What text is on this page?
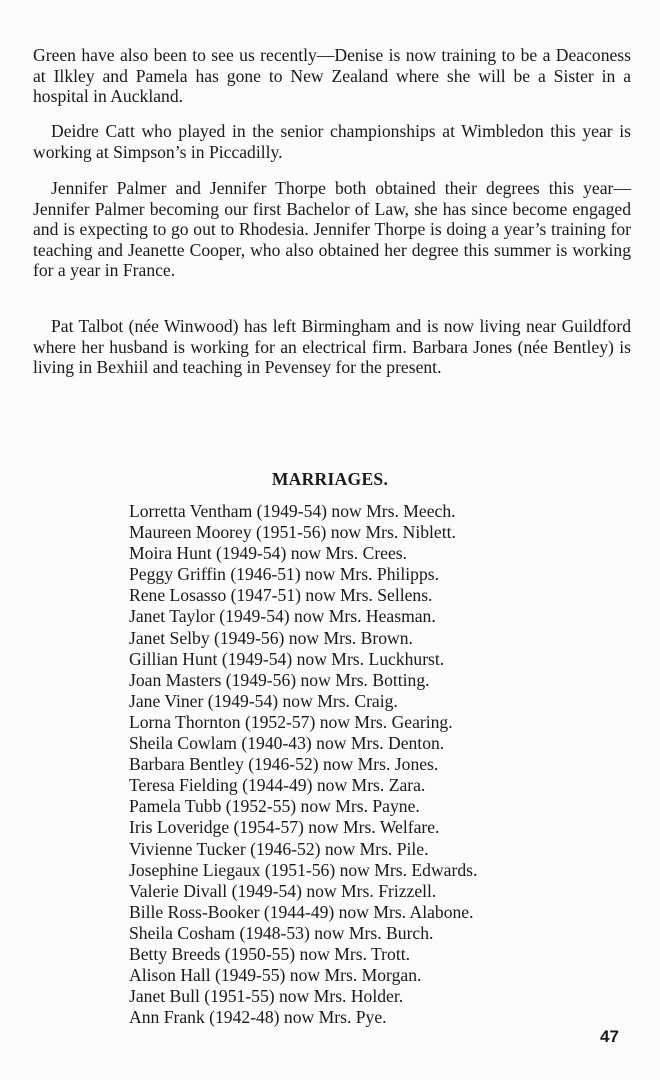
Green have also been to see us recently—Denise is now training to be a Deaconess at Ilkley and Pamela has gone to New Zealand where she will be a Sister in a hospital in Auckland.

Deidre Catt who played in the senior championships at Wimbledon this year is working at Simpson’s in Piccadilly.

Jennifer Palmer and Jennifer Thorpe both obtained their degrees this year—Jennifer Palmer becoming our first Bachelor of Law, she has since become engaged and is expecting to go out to Rhodesia. Jennifer Thorpe is doing a year’s training for teaching and Jeanette Cooper, who also obtained her degree this summer is working for a year in France.

Pat Talbot (née Winwood) has left Birmingham and is now living near Guildford where her husband is working for an electrical firm. Barbara Jones (née Bentley) is living in Bexhiil and teaching in Pevensey for the present.

MARRIAGES.
Lorretta Ventham (1949-54) now Mrs. Meech.
Maureen Moorey (1951-56) now Mrs. Niblett.
Moira Hunt (1949-54) now Mrs. Crees.
Peggy Griffin (1946-51) now Mrs. Philipps.
Rene Losasso (1947-51) now Mrs. Sellens.
Janet Taylor (1949-54) now Mrs. Heasman.
Janet Selby (1949-56) now Mrs. Brown.
Gillian Hunt (1949-54) now Mrs. Luckhurst.
Joan Masters (1949-56) now Mrs. Botting.
Jane Viner (1949-54) now Mrs. Craig.
Lorna Thornton (1952-57) now Mrs. Gearing.
Sheila Cowlam (1940-43) now Mrs. Denton.
Barbara Bentley (1946-52) now Mrs. Jones.
Teresa Fielding (1944-49) now Mrs. Zara.
Pamela Tubb (1952-55) now Mrs. Payne.
Iris Loveridge (1954-57) now Mrs. Welfare.
Vivienne Tucker (1946-52) now Mrs. Pile.
Josephine Liegaux (1951-56) now Mrs. Edwards.
Valerie Divall (1949-54) now Mrs. Frizzell.
Bille Ross-Booker (1944-49) now Mrs. Alabone.
Sheila Cosham (1948-53) now Mrs. Burch.
Betty Breeds (1950-55) now Mrs. Trott.
Alison Hall (1949-55) now Mrs. Morgan.
Janet Bull (1951-55) now Mrs. Holder.
Ann Frank (1942-48) now Mrs. Pye.
47
